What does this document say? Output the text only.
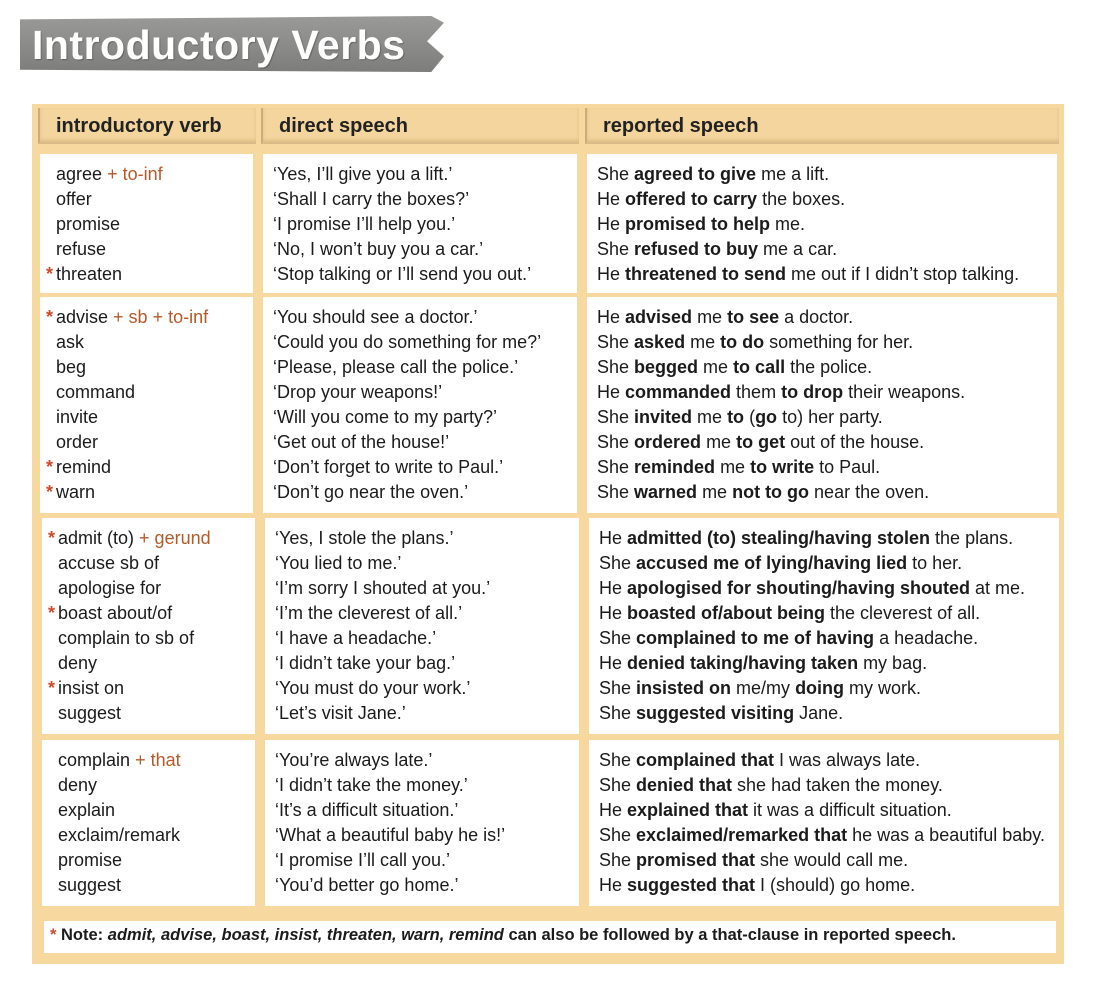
Introductory Verbs
introductory verb	direct speech	reported speech
agree + to-inf
offer
promise
refuse
* threaten
‘Yes, I’ll give you a lift.’
‘Shall I carry the boxes?’
‘I promise I’ll help you.’
‘No, I won’t buy you a car.’
‘Stop talking or I’ll send you out.’
She agreed to give me a lift.
He offered to carry the boxes.
He promised to help me.
She refused to buy me a car.
He threatened to send me out if I didn’t stop talking.
* advise + sb + to-inf
ask
beg
command
invite
order
* remind
* warn
‘You should see a doctor.’
‘Could you do something for me?’
‘Please, please call the police.’
‘Drop your weapons!’
‘Will you come to my party?’
‘Get out of the house!’
‘Don’t forget to write to Paul.’
‘Don’t go near the oven.’
He advised me to see a doctor.
She asked me to do something for her.
She begged me to call the police.
He commanded them to drop their weapons.
She invited me to (go to) her party.
She ordered me to get out of the house.
She reminded me to write to Paul.
She warned me not to go near the oven.
* admit (to) + gerund
accuse sb of
apologise for
* boast about/of
complain to sb of
deny
* insist on
suggest
‘Yes, I stole the plans.’
‘You lied to me.’
‘I’m sorry I shouted at you.’
‘I’m the cleverest of all.’
‘I have a headache.’
‘I didn’t take your bag.’
‘You must do your work.’
‘Let’s visit Jane.’
He admitted (to) stealing/having stolen the plans.
She accused me of lying/having lied to her.
He apologised for shouting/having shouted at me.
He boasted of/about being the cleverest of all.
She complained to me of having a headache.
He denied taking/having taken my bag.
She insisted on me/my doing my work.
She suggested visiting Jane.
complain + that
deny
explain
exclaim/remark
promise
suggest
‘You’re always late.’
‘I didn’t take the money.’
‘It’s a difficult situation.’
‘What a beautiful baby he is!’
‘I promise I’ll call you.’
‘You’d better go home.’
She complained that I was always late.
She denied that she had taken the money.
He explained that it was a difficult situation.
She exclaimed/remarked that he was a beautiful baby.
She promised that she would call me.
He suggested that I (should) go home.
* Note: admit, advise, boast, insist, threaten, warn, remind can also be followed by a that-clause in reported speech.
